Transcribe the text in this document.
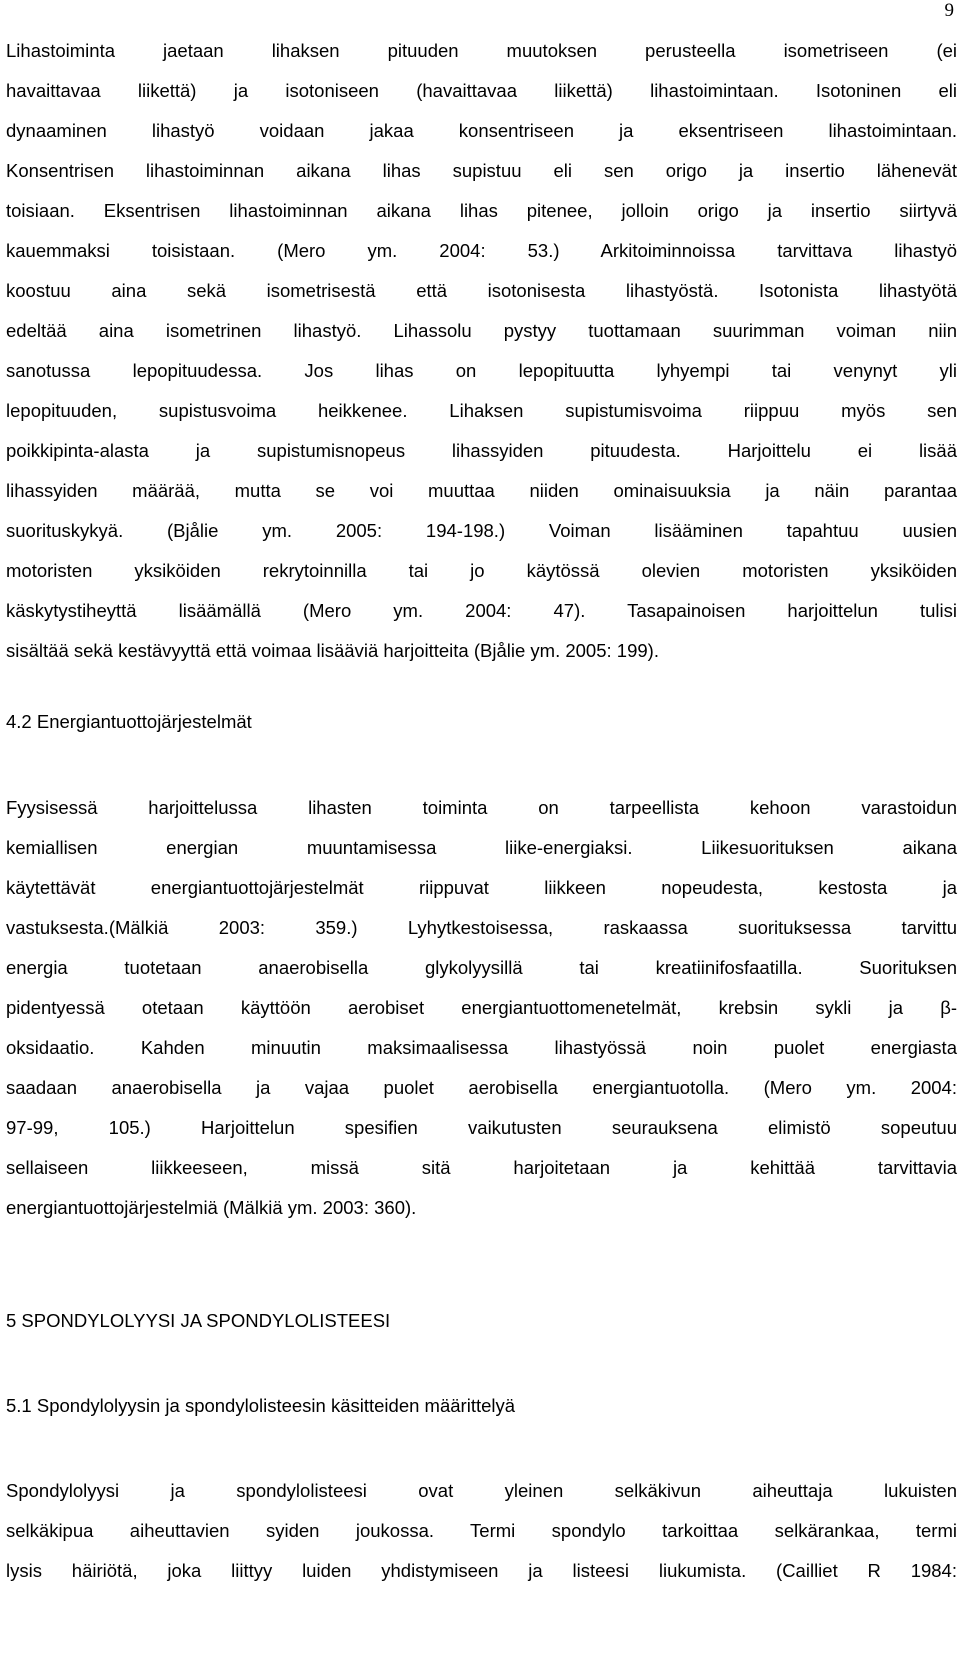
9
Lihastoiminta jaetaan lihaksen pituuden muutoksen perusteella isometriseen (ei
havaittavaa liikettä) ja isotoniseen (havaittavaa liikettä) lihastoimintaan. Isotoninen eli
dynaaminen lihastyö voidaan jakaa konsentriseen ja eksentriseen lihastoimintaan.
Konsentrisen lihastoiminnan aikana lihas supistuu eli sen origo ja insertio lähenevät
toisiaan. Eksentrisen lihastoiminnan aikana lihas pitenee, jolloin origo ja insertio siirtyvä
kauemmaksi toisistaan. (Mero ym. 2004: 53.) Arkitoiminnoissa tarvittava lihastyö
koostuu aina sekä isometrisestä että isotonisesta lihastyöstä. Isotonista lihastyötä
edeltää aina isometrinen lihastyö. Lihassolu pystyy tuottamaan suurimman voiman niin
sanotussa lepopituudessa. Jos lihas on lepopituutta lyhyempi tai venynyt yli
lepopituuden, supistusvoima heikkenee. Lihaksen supistumisvoima riippuu myös sen
poikkipinta-alasta ja supistumisnopeus lihassyiden pituudesta. Harjoittelu ei lisää
lihassyiden määrää, mutta se voi muuttaa niiden ominaisuuksia ja näin parantaa
suorituskykyä. (Bjålie ym. 2005: 194-198.) Voiman lisääminen tapahtuu uusien
motoristen yksiköiden rekrytoinnilla tai jo käytössä olevien motoristen yksiköiden
käskytystiheyttä lisäämällä (Mero ym. 2004: 47). Tasapainoisen harjoittelun tulisi
sisältää sekä kestävyyttä että voimaa lisääviä harjoitteita (Bjålie ym. 2005: 199).
4.2 Energiantuottojärjestelmät
Fyysisessä harjoittelussa lihasten toiminta on tarpeellista kehoon varastoidun
kemiallisen energian muuntamisessa liike-energiaksi. Liikesuorituksen aikana
käytettävät energiantuottojärjestelmät riippuvat liikkeen nopeudesta, kestosta ja
vastuksesta.(Mälkiä 2003: 359.) Lyhytkestoisessa, raskaassa suorituksessa tarvittu
energia tuotetaan anaerobisella glykolyysillä tai kreatiinifosfaatilla. Suorituksen
pidentyessä otetaan käyttöön aerobiset energiantuottomenetelmät, krebsin sykli ja β-
oksidaatio. Kahden minuutin maksimaalisessa lihastyössä noin puolet energiasta
saadaan anaerobisella ja vajaa puolet aerobisella energiantuotolla. (Mero ym. 2004:
97-99, 105.) Harjoittelun spesifien vaikutusten seurauksena elimistö sopeutuu
sellaiseen liikkeeseen, missä sitä harjoitetaan ja kehittää tarvittavia
energiantuottojärjestelmiä (Mälkiä ym. 2003: 360).
5 SPONDYLOLYYSI JA SPONDYLOLISTEESI
5.1 Spondylolyysin ja spondylolisteesin käsitteiden määrittelyä
Spondylolyysi ja spondylolisteesi ovat yleinen selkäkivun aiheuttaja lukuisten
selkäkipua aiheuttavien syiden joukossa. Termi spondylo tarkoittaa selkärankaa, termi
lysis häiriötä, joka liittyy luiden yhdistymiseen ja listeesi liukumista. (Cailliet R 1984:
